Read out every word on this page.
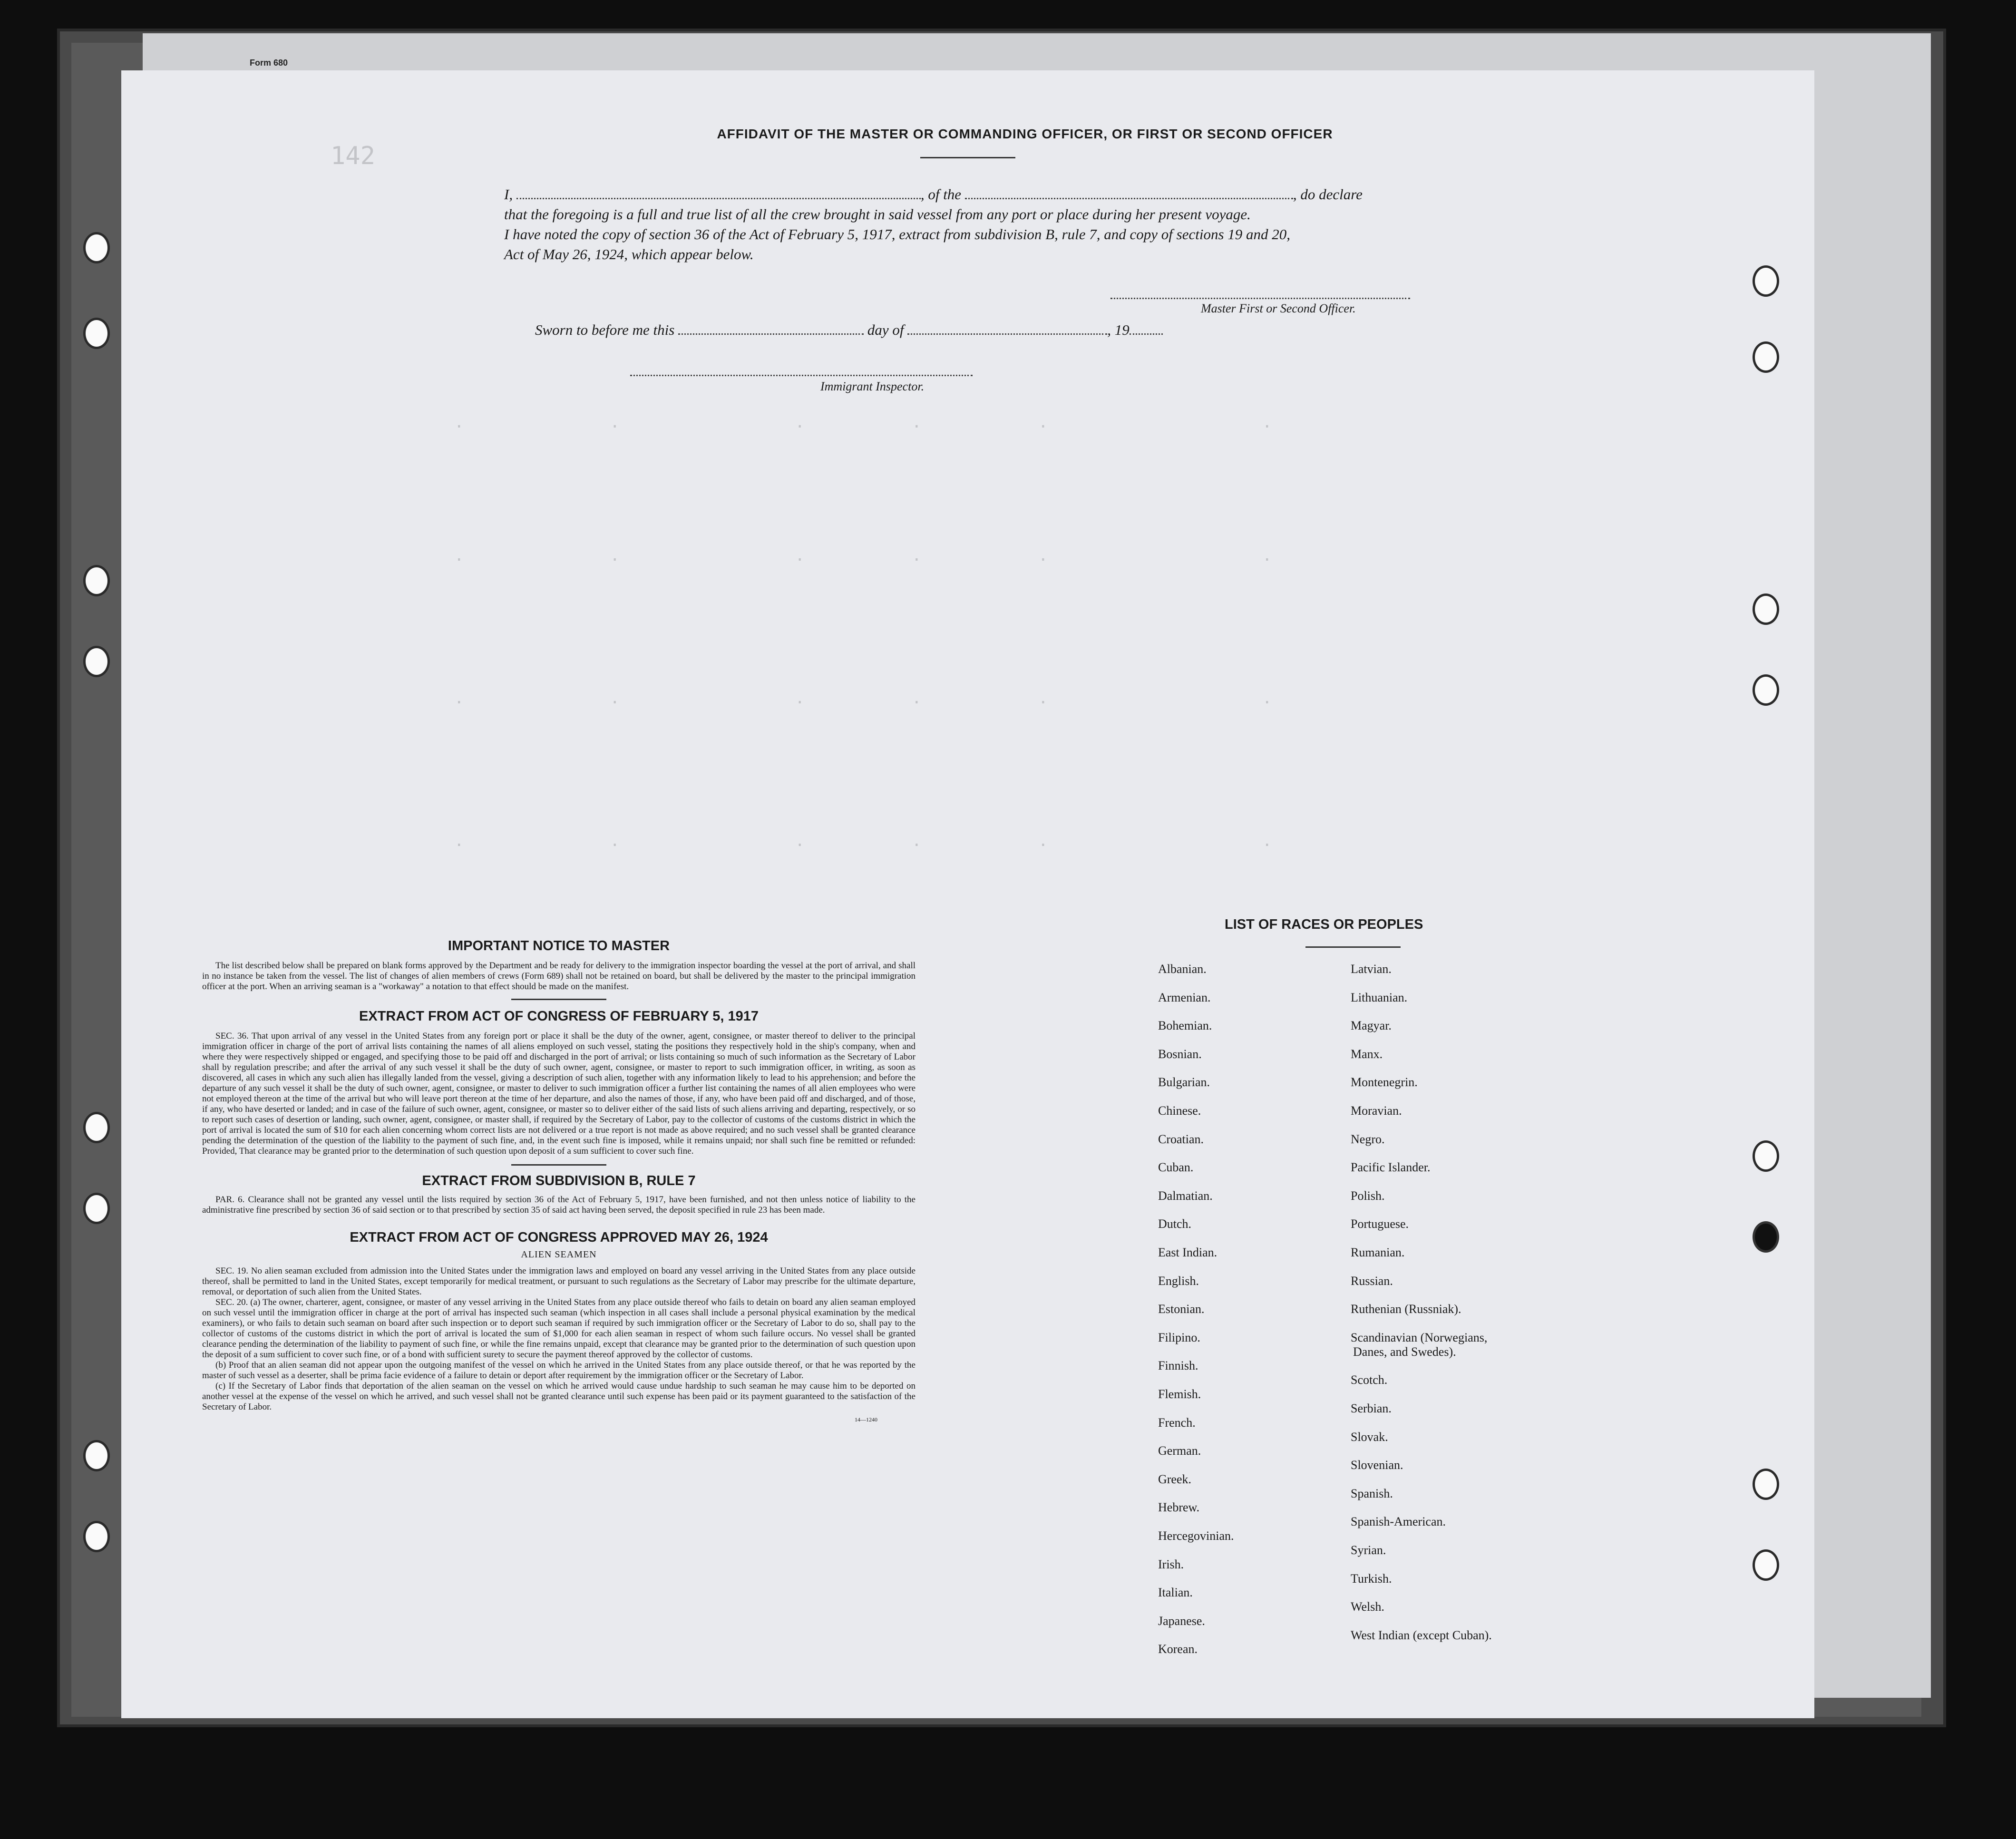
Form 680
142
.               .                  .           .            .                      .
.               .                  .           .            .                      .
.               .                  .           .            .                      .
.               .                  .           .            .                      .
AFFIDAVIT OF THE MASTER OR COMMANDING OFFICER, OR FIRST OR SECOND OFFICER
I,	, of the	, do declare
that the foregoing is a full and true list of all the crew brought in said vessel from any port or place during her present voyage.
I have noted the copy of section 36 of the Act of February 5, 1917, extract from subdivision B, rule 7, and copy of sections 19 and 20,
Act of May 26, 1924, which appear below.
Master First or Second Officer.
Sworn to before me this	day of	, 19
Immigrant Inspector.
IMPORTANT NOTICE TO MASTER
The list described below shall be prepared on blank forms approved by the Department and be ready for delivery to the immigration inspector boarding the vessel at the port of arrival, and shall in no instance be taken from the vessel. The list of changes of alien members of crews (Form 689) shall not be retained on board, but shall be delivered by the master to the principal immigration officer at the port. When an arriving seaman is a "workaway" a notation to that effect should be made on the manifest.
EXTRACT FROM ACT OF CONGRESS OF FEBRUARY 5, 1917
SEC. 36. That upon arrival of any vessel in the United States from any foreign port or place it shall be the duty of the owner, agent, consignee, or master thereof to deliver to the principal immigration officer in charge of the port of arrival lists containing the names of all aliens employed on such vessel, stating the positions they respectively hold in the ship's company, when and where they were respectively shipped or engaged, and specifying those to be paid off and discharged in the port of arrival; or lists containing so much of such information as the Secretary of Labor shall by regulation prescribe; and after the arrival of any such vessel it shall be the duty of such owner, agent, consignee, or master to report to such immigration officer, in writing, as soon as discovered, all cases in which any such alien has illegally landed from the vessel, giving a description of such alien, together with any information likely to lead to his apprehension; and before the departure of any such vessel it shall be the duty of such owner, agent, consignee, or master to deliver to such immigration officer a further list containing the names of all alien employees who were not employed thereon at the time of the arrival but who will leave port thereon at the time of her departure, and also the names of those, if any, who have been paid off and discharged, and of those, if any, who have deserted or landed; and in case of the failure of such owner, agent, consignee, or master so to deliver either of the said lists of such aliens arriving and departing, respectively, or so to report such cases of desertion or landing, such owner, agent, consignee, or master shall, if required by the Secretary of Labor, pay to the collector of customs of the customs district in which the port of arrival is located the sum of $10 for each alien concerning whom correct lists are not delivered or a true report is not made as above required; and no such vessel shall be granted clearance pending the determination of the question of the liability to the payment of such fine, and, in the event such fine is imposed, while it remains unpaid; nor shall such fine be remitted or refunded: Provided, That clearance may be granted prior to the determination of such question upon deposit of a sum sufficient to cover such fine.
EXTRACT FROM SUBDIVISION B, RULE 7
PAR. 6. Clearance shall not be granted any vessel until the lists required by section 36 of the Act of February 5, 1917, have been furnished, and not then unless notice of liability to the administrative fine prescribed by section 36 of said section or to that prescribed by section 35 of said act having been served, the deposit specified in rule 23 has been made.
EXTRACT FROM ACT OF CONGRESS APPROVED MAY 26, 1924
ALIEN SEAMEN
SEC. 19. No alien seaman excluded from admission into the United States under the immigration laws and employed on board any vessel arriving in the United States from any place outside thereof, shall be permitted to land in the United States, except temporarily for medical treatment, or pursuant to such regulations as the Secretary of Labor may prescribe for the ultimate departure, removal, or deportation of such alien from the United States.
SEC. 20. (a) The owner, charterer, agent, consignee, or master of any vessel arriving in the United States from any place outside thereof who fails to detain on board any alien seaman employed on such vessel until the immigration officer in charge at the port of arrival has inspected such seaman (which inspection in all cases shall include a personal physical examination by the medical examiners), or who fails to detain such seaman on board after such inspection or to deport such seaman if required by such immigration officer or the Secretary of Labor to do so, shall pay to the collector of customs of the customs district in which the port of arrival is located the sum of $1,000 for each alien seaman in respect of whom such failure occurs. No vessel shall be granted clearance pending the determination of the liability to payment of such fine, or while the fine remains unpaid, except that clearance may be granted prior to the determination of such question upon the deposit of a sum sufficient to cover such fine, or of a bond with sufficient surety to secure the payment thereof approved by the collector of customs.
(b) Proof that an alien seaman did not appear upon the outgoing manifest of the vessel on which he arrived in the United States from any place outside thereof, or that he was reported by the master of such vessel as a deserter, shall be prima facie evidence of a failure to detain or deport after requirement by the immigration officer or the Secretary of Labor.
(c) If the Secretary of Labor finds that deportation of the alien seaman on the vessel on which he arrived would cause undue hardship to such seaman he may cause him to be deported on another vessel at the expense of the vessel on which he arrived, and such vessel shall not be granted clearance until such expense has been paid or its payment guaranteed to the satisfaction of the Secretary of Labor.
14—1240
LIST OF RACES OR PEOPLES
Albanian.
Armenian.
Bohemian.
Bosnian.
Bulgarian.
Chinese.
Croatian.
Cuban.
Dalmatian.
Dutch.
East Indian.
English.
Estonian.
Filipino.
Finnish.
Flemish.
French.
German.
Greek.
Hebrew.
Hercegovinian.
Irish.
Italian.
Japanese.
Korean.
Latvian.
Lithuanian.
Magyar.
Manx.
Montenegrin.
Moravian.
Negro.
Pacific Islander.
Polish.
Portuguese.
Rumanian.
Russian.
Ruthenian (Russniak).
Scandinavian (Norwegians,
Danes, and Swedes).
Scotch.
Serbian.
Slovak.
Slovenian.
Spanish.
Spanish-American.
Syrian.
Turkish.
Welsh.
West Indian (except Cuban).
